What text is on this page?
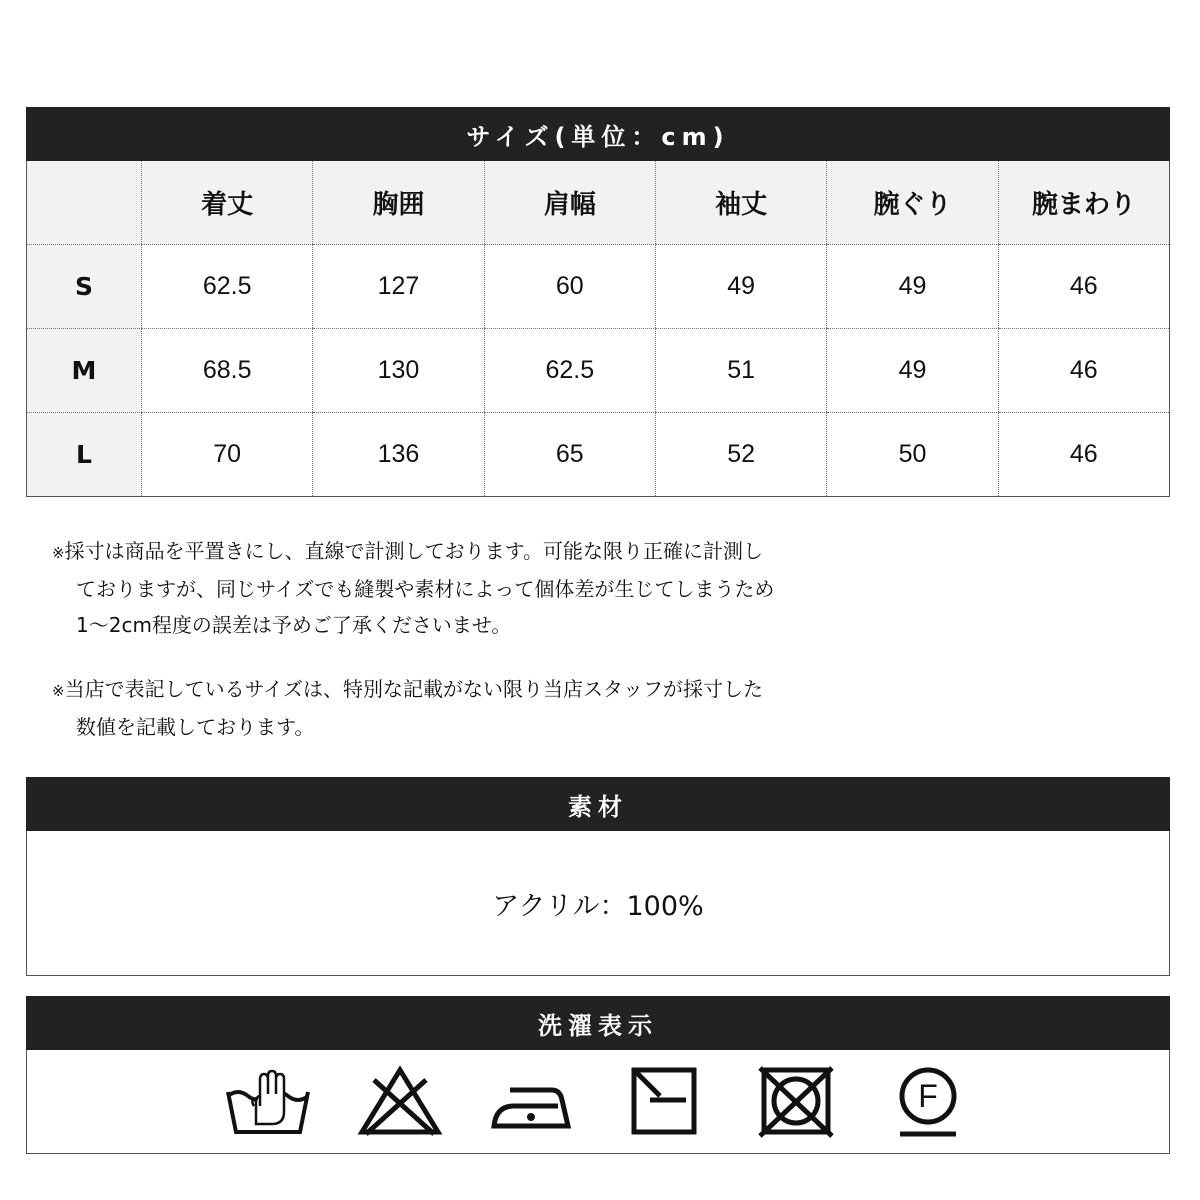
サイズ(単位：cm)
	着丈	胸囲	肩幅	袖丈	腕ぐり	腕まわり
S	62.5	127	60	49	49	46
M	68.5	130	62.5	51	49	46
L	70	136	65	52	50	46

※採寸は商品を平置きにし、直線で計測しております。可能な限り正確に計測し

ておりますが、同じサイズでも縫製や素材によって個体差が生じてしまうため

1〜2cm程度の誤差は予めご了承くださいませ。

※当店で表記しているサイズは、特別な記載がない限り当店スタッフが採寸した

数値を記載しております。

素材
アクリル：100%
洗濯表示
F
